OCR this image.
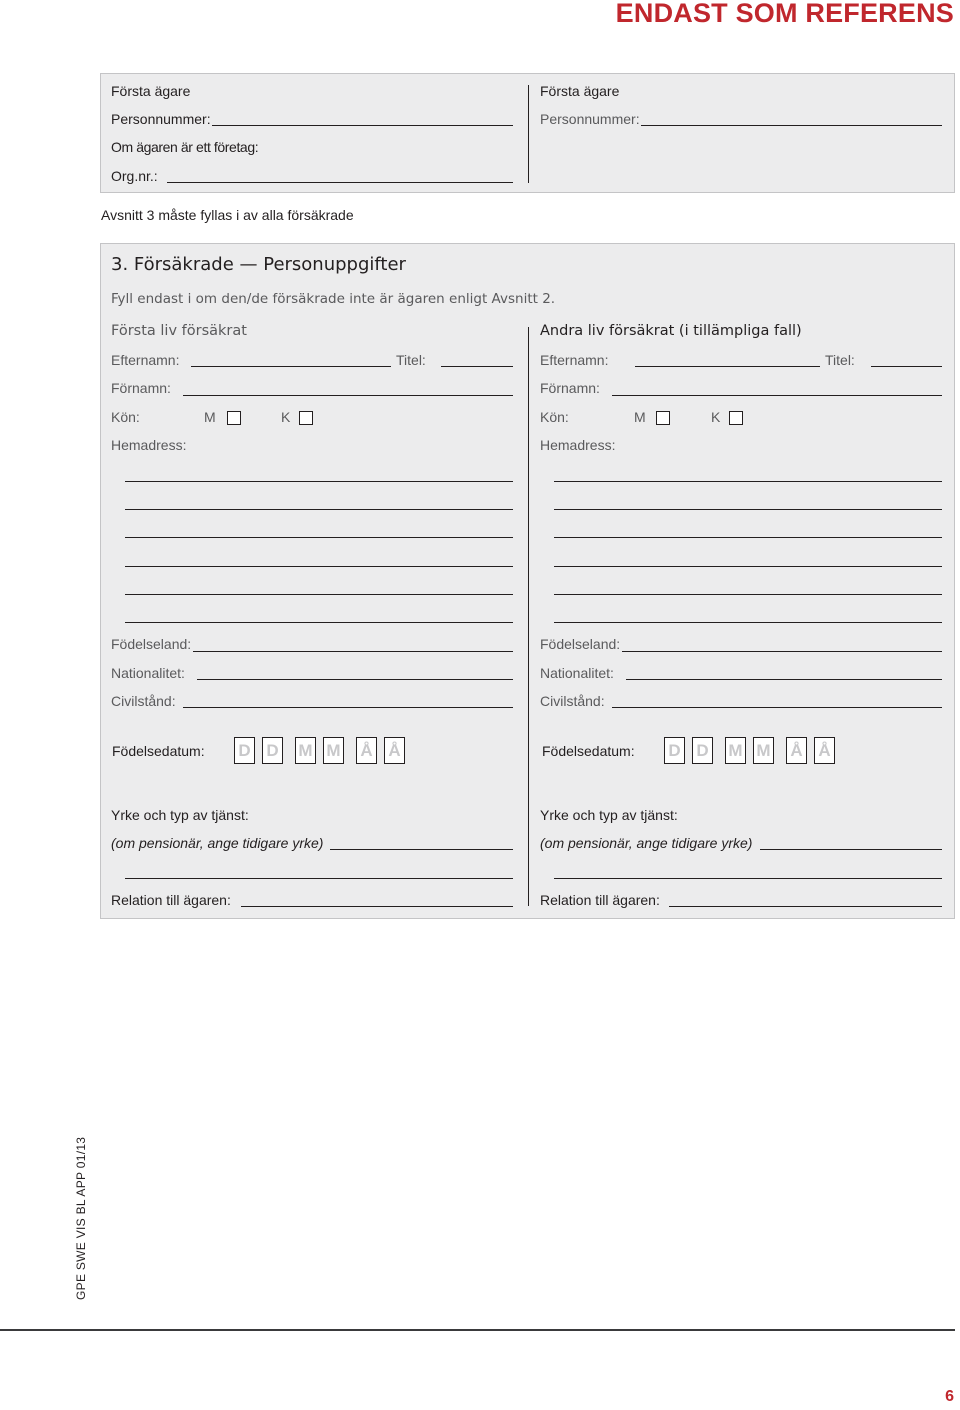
ENDAST SOM REFERENS
Första ägare
Personnummer:
Om ägaren är ett företag:
Org.nr.:
Första ägare
Personnummer:
Avsnitt 3 måste fyllas i av alla försäkrade
3. Försäkrade — Personuppgifter
Fyll endast i om den/de försäkrade inte är ägaren enligt Avsnitt 2.
Första liv försäkrat
Efternamn:	Titel:
Förnamn:
Kön:	M	K
Hemadress:
Födelseland:
Nationalitet:
Civilstånd:
Födelsedatum: D D M M Å Å
Yrke och typ av tjänst:
(om pensionär, ange tidigare yrke)
Relation till ägaren:
Andra liv försäkrat (i tillämpliga fall)
Efternamn:	Titel:
Förnamn:
Kön:	M	K
Hemadress:
Födelseland:
Nationalitet:
Civilstånd:
Födelsedatum: D D M M Å Å
Yrke och typ av tjänst:
(om pensionär, ange tidigare yrke)
Relation till ägaren:
GPE SWE VIS BL APP 01/13
6
